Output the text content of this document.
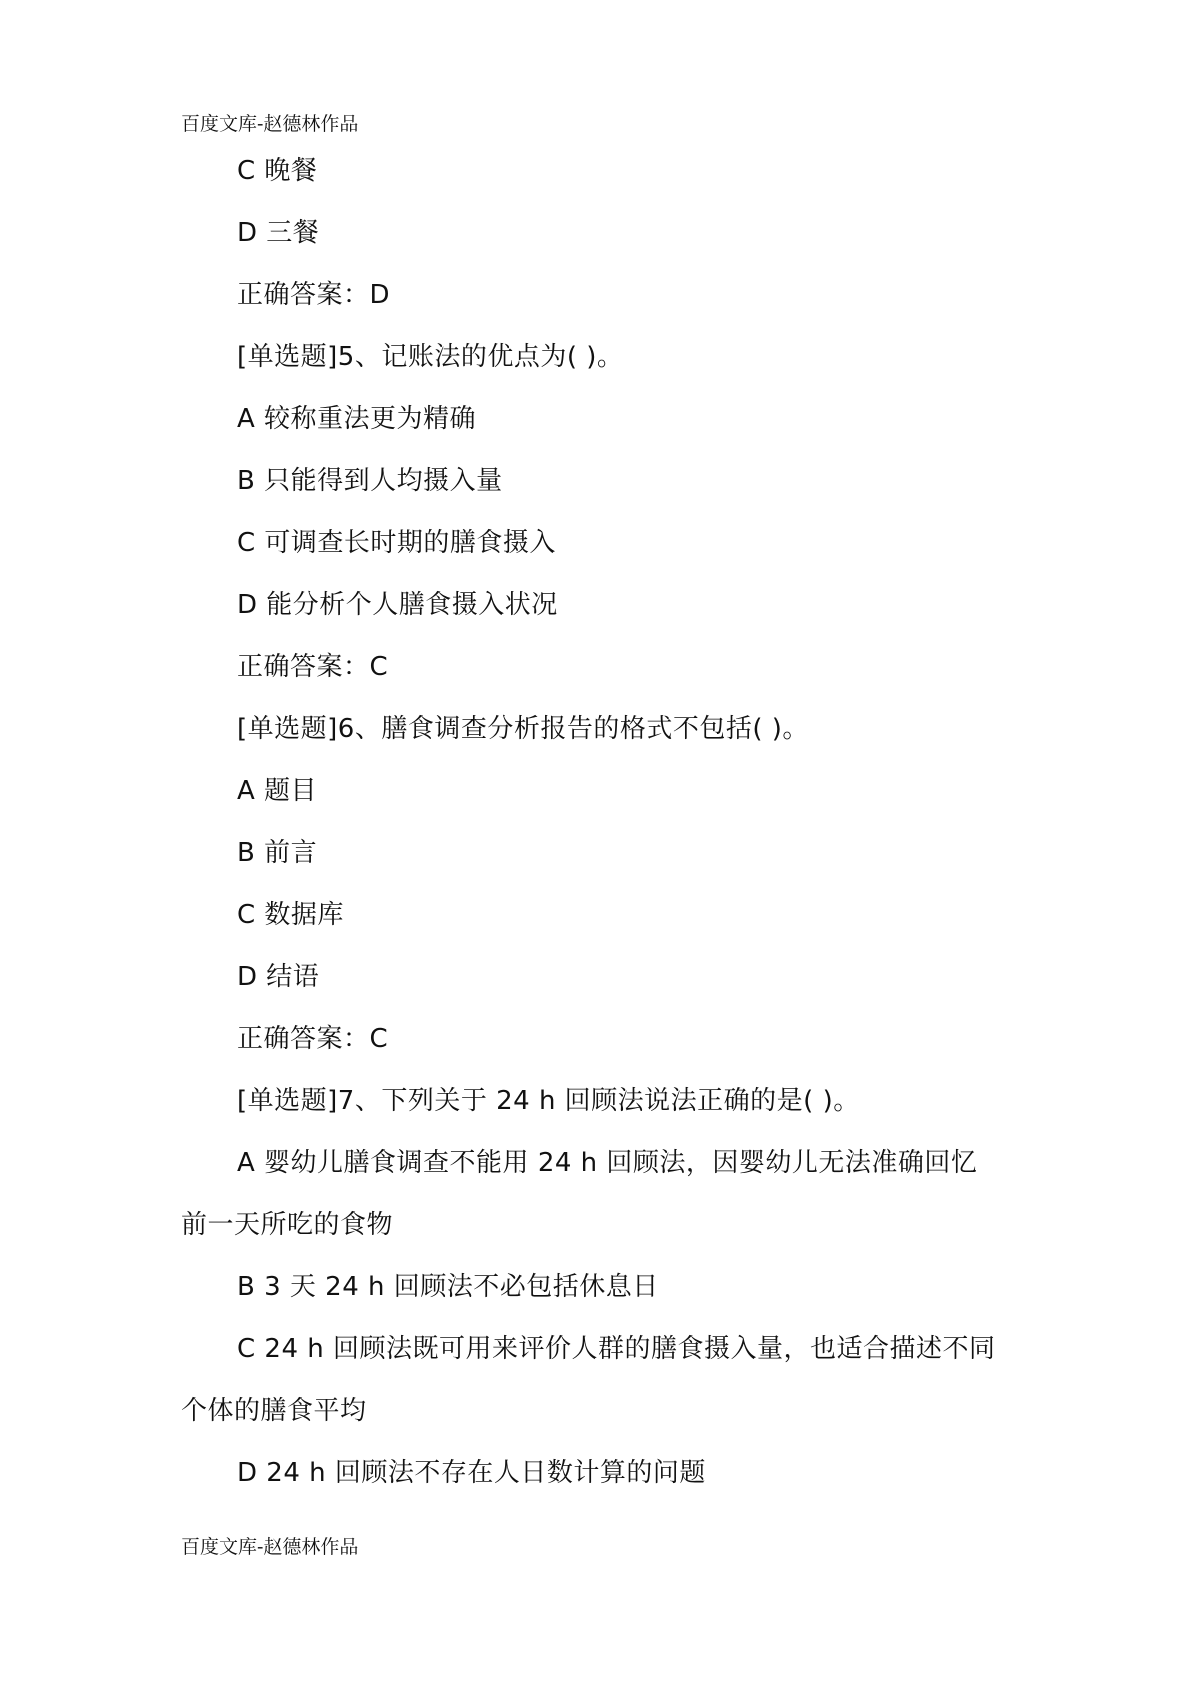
百度文库-赵德林作品
C 晚餐
D 三餐
正确答案：D
[单选题]5、记账法的优点为( )。
A 较称重法更为精确
B 只能得到人均摄入量
C 可调查长时期的膳食摄入
D 能分析个人膳食摄入状况
正确答案：C
[单选题]6、膳食调查分析报告的格式不包括( )。
A 题目
B 前言
C 数据库
D 结语
正确答案：C
[单选题]7、下列关于 24 h 回顾法说法正确的是( )。
A 婴幼儿膳食调查不能用 24 h 回顾法，因婴幼儿无法准确回忆
前一天所吃的食物
B 3 天 24 h 回顾法不必包括休息日
C 24 h 回顾法既可用来评价人群的膳食摄入量，也适合描述不同
个体的膳食平均
D 24 h 回顾法不存在人日数计算的问题
百度文库-赵德林作品
